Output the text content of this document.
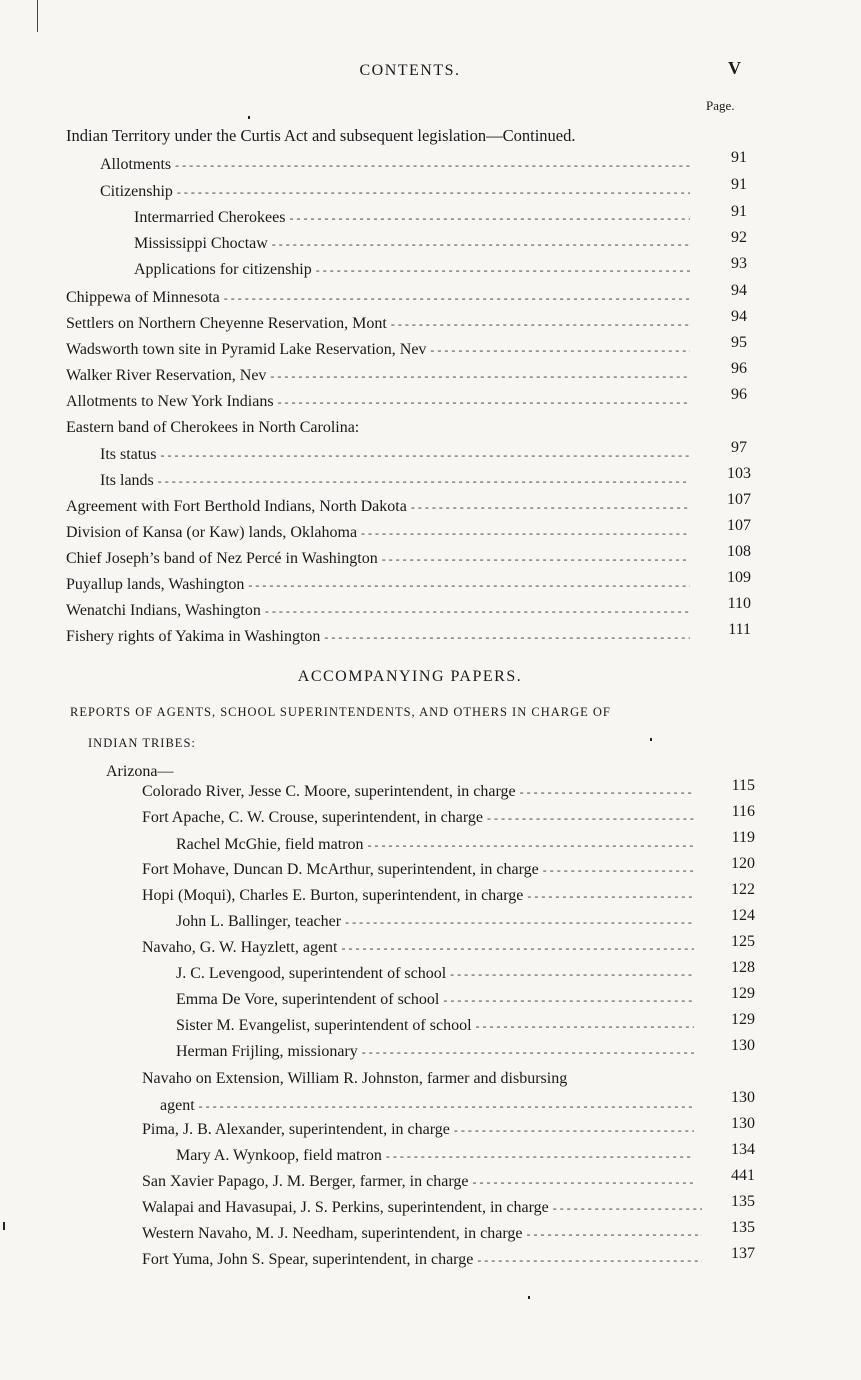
CONTENTS.	V
Page.
Indian Territory under the Curtis Act and subsequent legislation—Continued.
Allotments - - -	91
Citizenship - - -	91
Intermarried Cherokees - - -	91
Mississippi Choctaw - - -	92
Applications for citizenship - - -	93
Chippewa of Minnesota - - -	94
Settlers on Northern Cheyenne Reservation, Mont - - -	94
Wadsworth town site in Pyramid Lake Reservation, Nev - - -	95
Walker River Reservation, Nev - - -	96
Allotments to New York Indians - - -	96
Eastern band of Cherokees in North Carolina:
Its status - - -	97
Its lands - - -	103
Agreement with Fort Berthold Indians, North Dakota - - -	107
Division of Kansa (or Kaw) lands, Oklahoma - - -	107
Chief Joseph’s band of Nez Percé in Washington - - -	108
Puyallup lands, Washington - - -	109
Wenatchi Indians, Washington - - -	110
Fishery rights of Yakima in Washington - - -	111
ACCOMPANYING PAPERS.
REPORTS OF AGENTS, SCHOOL SUPERINTENDENTS, AND OTHERS IN CHARGE OF
INDIAN TRIBES:
Arizona—
Colorado River, Jesse C. Moore, superintendent, in charge - - -	115
Fort Apache, C. W. Crouse, superintendent, in charge - - -	116
Rachel McGhie, field matron - - -	119
Fort Mohave, Duncan D. McArthur, superintendent, in charge - - -	120
Hopi (Moqui), Charles E. Burton, superintendent, in charge - - -	122
John L. Ballinger, teacher - - -	124
Navaho, G. W. Hayzlett, agent - - -	125
J. C. Levengood, superintendent of school - - -	128
Emma De Vore, superintendent of school - - -	129
Sister M. Evangelist, superintendent of school - - -	129
Herman Frijling, missionary - - -	130
Navaho on Extension, William R. Johnston, farmer and disbursing
agent - - -	130
Pima, J. B. Alexander, superintendent, in charge - - -	130
Mary A. Wynkoop, field matron - - -	134
San Xavier Papago, J. M. Berger, farmer, in charge - - -	441
Walapai and Havasupai, J. S. Perkins, superintendent, in charge - - -	135
Western Navaho, M. J. Needham, superintendent, in charge - - -	135
Fort Yuma, John S. Spear, superintendent, in charge - - -	137
